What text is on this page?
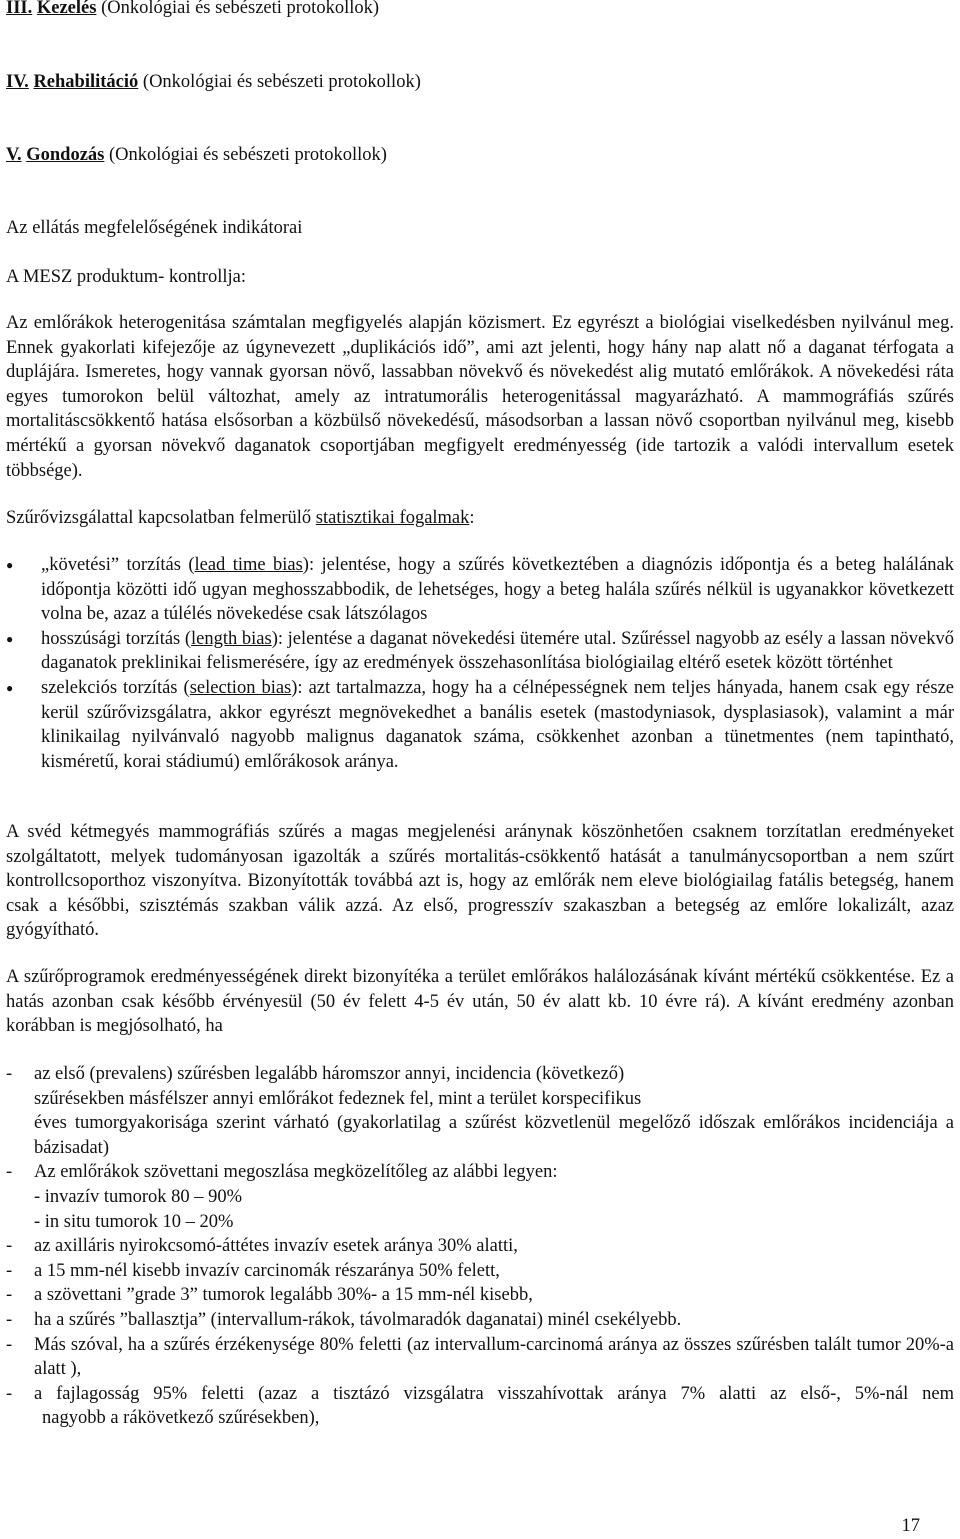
III. Kezelés (Onkológiai és sebészeti protokollok)
IV. Rehabilitáció (Onkológiai és sebészeti protokollok)
V. Gondozás (Onkológiai és sebészeti protokollok)
Az ellátás megfelelőségének indikátorai
A MESZ produktum- kontrollja:

Az emlőrákok heterogenitása számtalan megfigyelés alapján közismert. Ez egyrészt a biológiai viselkedésben nyilvánul meg. Ennek gyakorlati kifejezője az úgynevezett „duplikációs idő”, ami azt jelenti, hogy hány nap alatt nő a daganat térfogata a duplájára. Ismeretes, hogy vannak gyorsan növő, lassabban növekvő és növekedést alig mutató emlőrákok. A növekedési ráta egyes tumorokon belül változhat, amely az intratumorális heterogenitással magyarázható. A mammográfiás szűrés mortalitáscsökkentő hatása elsősorban a közbülső növekedésű, másodsorban a lassan növő csoportban nyilvánul meg, kisebb mértékű a gyorsan növekvő daganatok csoportjában megfigyelt eredményesség (ide tartozik a valódi intervallum esetek többsége).

Szűrővizsgálattal kapcsolatban felmerülő statisztikai fogalmak:
● „követési” torzítás (lead time bias): jelentése, hogy a szűrés következtében a diagnózis időpontja és a beteg halálának időpontja közötti idő ugyan meghosszabbodik, de lehetséges, hogy a beteg halála szűrés nélkül is ugyanakkor következett volna be, azaz a túlélés növekedése csak látszólagos
● hosszúsági torzítás (length bias): jelentése a daganat növekedési ütemére utal. Szűréssel nagyobb az esély a lassan növekvő daganatok preklinikai felismerésére, így az eredmények összehasonlítása biológiailag eltérő esetek között történhet
● szelekciós torzítás (selection bias): azt tartalmazza, hogy ha a célnépességnek nem teljes hányada, hanem csak egy része kerül szűrővizsgálatra, akkor egyrészt megnövekedhet a banális esetek (mastodyniasok, dysplasiasok), valamint a már klinikailag nyilvánvaló nagyobb malignus daganatok száma, csökkenhet azonban a tünetmentes (nem tapintható, kisméretű, korai stádiumú) emlőrákosok aránya.

A svéd kétmegyés mammográfiás szűrés a magas megjelenési aránynak köszönhetően csaknem torzítatlan eredményeket szolgáltatott, melyek tudományosan igazolták a szűrés mortalitás-csökkentő hatását a tanulmánycsoportban a nem szűrt kontrollcsoporthoz viszonyítva. Bizonyították továbbá azt is, hogy az emlőrák nem eleve biológiailag fatális betegség, hanem csak a későbbi, szisztémás szakban válik azzá. Az első, progresszív szakaszban a betegség az emlőre lokalizált, azaz gyógyítható.

A szűrőprogramok eredményességének direkt bizonyítéka a terület emlőrákos halálozásának kívánt mértékű csökkentése. Ez a hatás azonban csak később érvényesül (50 év felett 4-5 év után, 50 év alatt kb. 10 évre rá). A kívánt eredmény azonban korábban is megjósolható, ha

- az első (prevalens) szűrésben legalább háromszor annyi, incidencia (következő)
szűrésekben másfélszer annyi emlőrákot fedeznek fel, mint a terület korspecifikus
éves tumorgyakorisága szerint várható (gyakorlatilag a szűrést közvetlenül megelőző időszak emlőrákos incidenciája a bázisadat)
- Az emlőrákok szövettani megoszlása megközelítőleg az alábbi legyen:
- invazív tumorok 80 – 90%
- in situ tumorok 10 – 20%
- az axilláris nyirokcsomó-áttétes invazív esetek aránya 30% alatti,
- a 15 mm-nél kisebb invazív carcinomák részaránya 50% felett,
- a szövettani ”grade 3” tumorok legalább 30%- a 15 mm-nél kisebb,
- ha a szűrés ”ballasztja” (intervallum-rákok, távolmaradók daganatai) minél csekélyebb.
- Más szóval, ha a szűrés érzékenysége 80% feletti (az intervallum-carcinomá aránya az összes szűrésben talált tumor 20%-a alatt ),
- a fajlagosság 95% feletti (azaz a tisztázó vizsgálatra visszahívottak aránya 7% alatti az első-, 5%-nál nem
nagyobb a rákövetkező szűrésekben),
17
